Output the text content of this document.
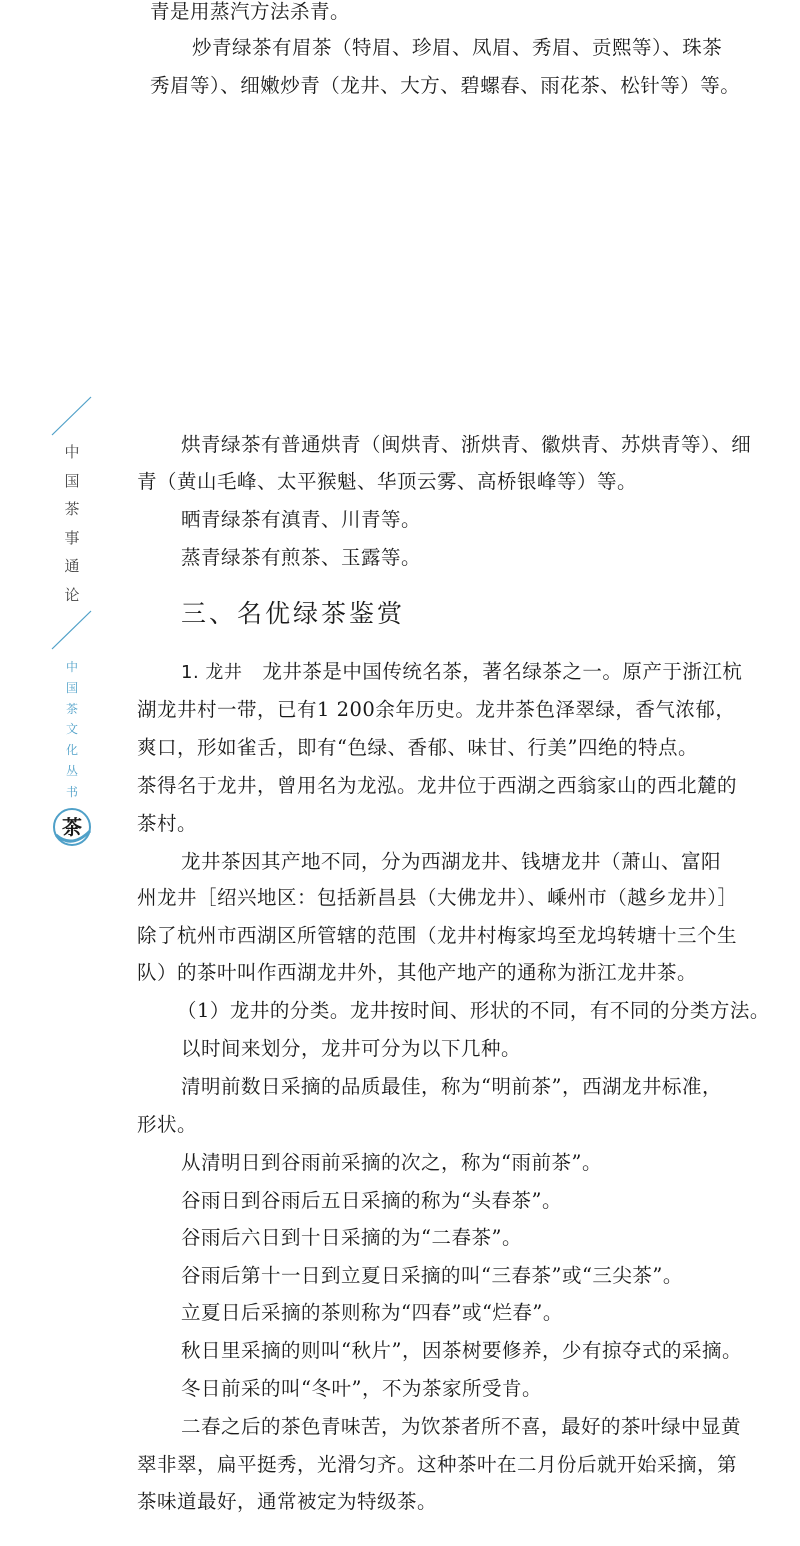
青是用蒸汽方法杀青。
炒青绿茶有眉茶（特眉、珍眉、凤眉、秀眉、贡熙等）、珠茶
秀眉等）、细嫩炒青（龙井、大方、碧螺春、雨花茶、松针等）等。
中国茶事通论
中国茶文化丛书
茶
烘青绿茶有普通烘青（闽烘青、浙烘青、徽烘青、苏烘青等）、细
青（黄山毛峰、太平猴魁、华顶云雾、高桥银峰等）等。
晒青绿茶有滇青、川青等。
蒸青绿茶有煎茶、玉露等。
三、名优绿茶鉴赏
1. 龙井　龙井茶是中国传统名茶，著名绿茶之一。原产于浙江杭
湖龙井村一带，已有1 200余年历史。龙井茶色泽翠绿，香气浓郁，
爽口，形如雀舌，即有“色绿、香郁、味甘、行美”四绝的特点。
茶得名于龙井，曾用名为龙泓。龙井位于西湖之西翁家山的西北麓的
茶村。
龙井茶因其产地不同，分为西湖龙井、钱塘龙井（萧山、富阳
州龙井［绍兴地区：包括新昌县（大佛龙井）、嵊州市（越乡龙井）］
除了杭州市西湖区所管辖的范围（龙井村梅家坞至龙坞转塘十三个生
队）的茶叶叫作西湖龙井外，其他产地产的通称为浙江龙井茶。
（1）龙井的分类。龙井按时间、形状的不同，有不同的分类方法。
以时间来划分，龙井可分为以下几种。
清明前数日采摘的品质最佳，称为“明前茶”，西湖龙井标准，
形状。
从清明日到谷雨前采摘的次之，称为“雨前茶”。
谷雨日到谷雨后五日采摘的称为“头春茶”。
谷雨后六日到十日采摘的为“二春茶”。
谷雨后第十一日到立夏日采摘的叫“三春茶”或“三尖茶”。
立夏日后采摘的茶则称为“四春”或“烂春”。
秋日里采摘的则叫“秋片”，因茶树要修养，少有掠夺式的采摘。
冬日前采的叫“冬叶”，不为茶家所受肯。
二春之后的茶色青味苦，为饮茶者所不喜，最好的茶叶绿中显黄
翠非翠，扁平挺秀，光滑匀齐。这种茶叶在二月份后就开始采摘，第
茶味道最好，通常被定为特级茶。
